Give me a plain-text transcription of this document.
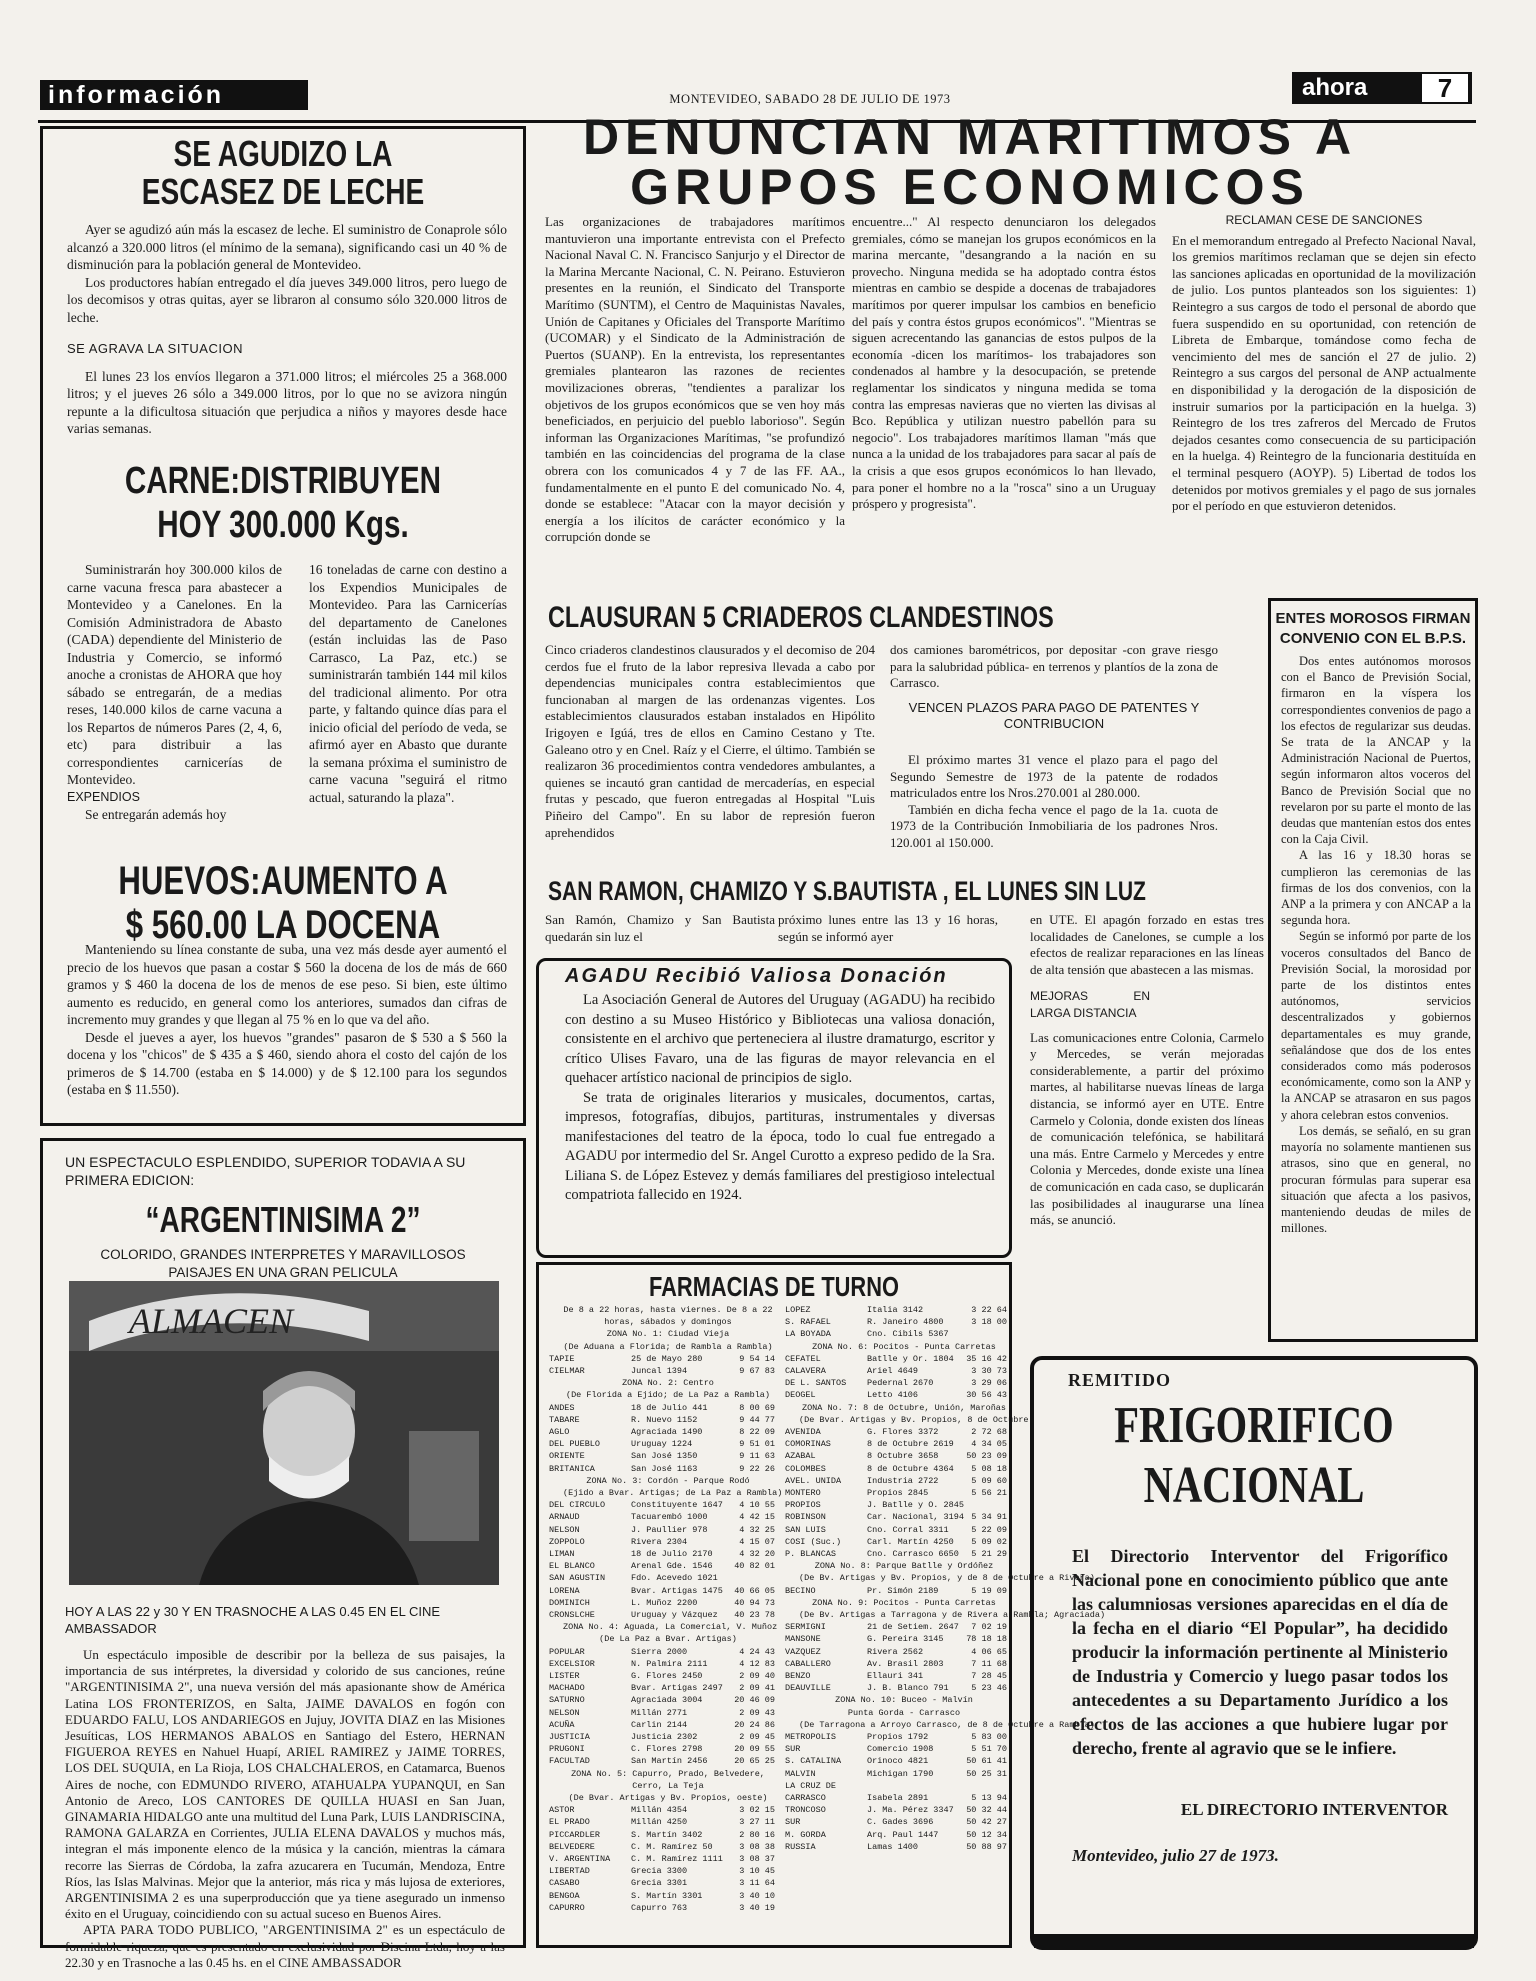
información	MONTEVIDEO, SABADO 28 DE JULIO DE 1973	ahora	7
DENUNCIAN MARITIMOS A
GRUPOS ECONOMICOS
Las organizaciones de trabajadores marítimos mantuvieron una importante entrevista con el Prefecto Nacional Naval C. N. Francisco Sanjurjo y el Director de la Marina Mercante Nacional, C. N. Peirano. Estuvieron presentes en la reunión, el Sindicato del Transporte Marítimo (SUNTM), el Centro de Maquinistas Navales, Unión de Capitanes y Oficiales del Transporte Marítimo (UCOMAR) y el Sindicato de la Administración de Puertos (SUANP). En la entrevista, los representantes gremiales plantearon las razones de recientes movilizaciones obreras, "tendientes a paralizar los objetivos de los grupos económicos que se ven hoy más beneficiados, en perjuicio del pueblo laborioso". Según informan las Organizaciones Marítimas, "se profundizó también en las coincidencias del programa de la clase obrera con los comunicados 4 y 7 de las FF. AA., fundamentalmente en el punto E del comunicado No. 4, donde se establece: "Atacar con la mayor decisión y energía a los ilícitos de carácter económico y la corrupción donde se
encuentre..." Al respecto denunciaron los delegados gremiales, cómo se manejan los grupos económicos en la marina mercante, "desangrando a la nación en su provecho. Ninguna medida se ha adoptado contra éstos mientras en cambio se despide a docenas de trabajadores marítimos por querer impulsar los cambios en beneficio del país y contra éstos grupos económicos". "Mientras se siguen acrecentando las ganancias de estos pulpos de la economía -dicen los marítimos- los trabajadores son condenados al hambre y la desocupación, se pretende reglamentar los sindicatos y ninguna medida se toma contra las empresas navieras que no vierten las divisas al Bco. República y utilizan nuestro pabellón para su negocio". Los trabajadores marítimos llaman "más que nunca a la unidad de los trabajadores para sacar al país de la crisis a que esos grupos económicos lo han llevado, para poner el hombre no a la "rosca" sino a un Uruguay próspero y progresista".
RECLAMAN CESE DE SANCIONES
En el memorandum entregado al Prefecto Nacional Naval, los gremios marítimos reclaman que se dejen sin efecto las sanciones aplicadas en oportunidad de la movilización de julio. Los puntos planteados son los siguientes: 1) Reintegro a sus cargos de todo el personal de abordo que fuera suspendido en su oportunidad, con retención de Libreta de Embarque, tomándose como fecha de vencimiento del mes de sanción el 27 de julio. 2) Reintegro a sus cargos del personal de ANP actualmente en disponibilidad y la derogación de la disposición de instruir sumarios por la participación en la huelga. 3) Reintegro de los tres zafreros del Mercado de Frutos dejados cesantes como consecuencia de su participación en la huelga. 4) Reintegro de la funcionaria destituída en el terminal pesquero (AOYP). 5) Libertad de todos los detenidos por motivos gremiales y el pago de sus jornales por el período en que estuvieron detenidos.
SE AGUDIZO LA
ESCASEZ DE LECHE

Ayer se agudizó aún más la escasez de leche. El suministro de Conaprole sólo alcanzó a 320.000 litros (el mínimo de la semana), significando casi un 40 % de disminución para la población general de Montevideo.

Los productores habían entregado el día jueves 349.000 litros, pero luego de los decomisos y otras quitas, ayer se libraron al consumo sólo 320.000 litros de leche.

SE AGRAVA LA SITUACION

El lunes 23 los envíos llegaron a 371.000 litros; el miércoles 25 a 368.000 litros; y el jueves 26 sólo a 349.000 litros, por lo que no se avizora ningún repunte a la dificultosa situación que perjudica a niños y mayores desde hace varias semanas.

CARNE:DISTRIBUYEN
HOY 300.000 Kgs.

Suministrarán hoy 300.000 kilos de carne vacuna fresca para abastecer a Montevideo y a Canelones. En la Comisión Administradora de Abasto (CADA) dependiente del Ministerio de Industria y Comercio, se informó anoche a cronistas de AHORA que hoy sábado se entregarán, de a medias reses, 140.000 kilos de carne vacuna a los Repartos de números Pares (2, 4, 6, etc) para distribuir a las correspondientes carnicerías de Montevideo.

EXPENDIOS

Se entregarán además hoy

16 toneladas de carne con destino a los Expendios Municipales de Montevideo. Para las Carnicerías del departamento de Canelones (están incluidas las de Paso Carrasco, La Paz, etc.) se suministrarán también 144 mil kilos del tradicional alimento. Por otra parte, y faltando quince días para el inicio oficial del período de veda, se afirmó ayer en Abasto que durante la semana próxima el suministro de carne vacuna "seguirá el ritmo actual, saturando la plaza".
HUEVOS:AUMENTO A
$ 560.00 LA DOCENA

Manteniendo su línea constante de suba, una vez más desde ayer aumentó el precio de los huevos que pasan a costar $ 560 la docena de los de más de 660 gramos y $ 460 la docena de los de menos de ese peso. Si bien, este último aumento es reducido, en general como los anteriores, sumados dan cifras de incremento muy grandes y que llegan al 75 % en lo que va del año.

Desde el jueves a ayer, los huevos "grandes" pasaron de $ 530 a $ 560 la docena y los "chicos" de $ 435 a $ 460, siendo ahora el costo del cajón de los primeros de $ 14.700 (estaba en $ 14.000) y de $ 12.100 para los segundos (estaba en $ 11.550).

UN ESPECTACULO ESPLENDIDO, SUPERIOR TODAVIA A SU PRIMERA EDICION:
“ARGENTINISIMA 2”
COLORIDO, GRANDES INTERPRETES Y MARAVILLOSOS PAISAJES EN UNA GRAN PELICULA
ALMACEN
HOY A LAS 22 y 30 Y EN TRASNOCHE A LAS 0.45 EN EL CINE AMBASSADOR

Un espectáculo imposible de describir por la belleza de sus paisajes, la importancia de sus intérpretes, la diversidad y colorido de sus canciones, reúne "ARGENTINISIMA 2", una nueva versión del más apasionante show de América Latina LOS FRONTERIZOS, en Salta, JAIME DAVALOS en fogón con EDUARDO FALU, LOS ANDARIEGOS en Jujuy, JOVITA DIAZ en las Misiones Jesuíticas, LOS HERMANOS ABALOS en Santiago del Estero, HERNAN FIGUEROA REYES en Nahuel Huapí, ARIEL RAMIREZ y JAIME TORRES, LOS DEL SUQUIA, en La Rioja, LOS CHALCHALEROS, en Catamarca, Buenos Aires de noche, con EDMUNDO RIVERO, ATAHUALPA YUPANQUI, en San Antonio de Areco, LOS CANTORES DE QUILLA HUASI en San Juan, GINAMARIA HIDALGO ante una multitud del Luna Park, LUIS LANDRISCINA, RAMONA GALARZA en Corrientes, JULIA ELENA DAVALOS y muchos más, integran el más imponente elenco de la música y la canción, mientras la cámara recorre las Sierras de Córdoba, la zafra azucarera en Tucumán, Mendoza, Entre Ríos, las Islas Malvinas. Mejor que la anterior, más rica y más lujosa de exteriores, ARGENTINISIMA 2 es una superproducción que ya tiene asegurado un inmenso éxito en el Uruguay, coincidiendo con su actual suceso en Buenos Aires.

APTA PARA TODO PUBLICO, "ARGENTINISIMA 2" es un espectáculo de formidable riqueza, que es presentado en exclusividad por Discina Ltda, hoy a las 22.30 y en Trasnoche a las 0.45 hs. en el CINE AMBASSADOR

CLAUSURAN 5 CRIADEROS CLANDESTINOS
Cinco criaderos clandestinos clausurados y el decomiso de 204 cerdos fue el fruto de la labor represiva llevada a cabo por dependencias municipales contra establecimientos que funcionaban al margen de las ordenanzas vigentes. Los establecimientos clausurados estaban instalados en Hipólito Irigoyen e Igúá, tres de ellos en Camino Cestano y Tte. Galeano otro y en Cnel. Raíz y el Cierre, el último. También se realizaron 36 procedimientos contra vendedores ambulantes, a quienes se incautó gran cantidad de mercaderías, en especial frutas y pescado, que fueron entregadas al Hospital "Luis Piñeiro del Campo". En su labor de represión fueron aprehendidos
dos camiones barométricos, por depositar -con grave riesgo para la salubridad pública- en terrenos y plantíos de la zona de Carrasco.
VENCEN PLAZOS PARA PAGO DE PATENTES Y CONTRIBUCION

El próximo martes 31 vence el plazo para el pago del Segundo Semestre de 1973 de la patente de rodados matriculados entre los Nros.270.001 al 280.000.

También en dicha fecha vence el pago de la 1a. cuota de 1973 de la Contribución Inmobiliaria de los padrones Nros. 120.001 al 150.000.

SAN RAMON, CHAMIZO Y S.BAUTISTA , EL LUNES SIN LUZ
San Ramón, Chamizo y San Bautista quedarán sin luz el
próximo lunes entre las 13 y 16 horas, según se informó ayer
en UTE. El apagón forzado en estas tres localidades de Canelones, se cumple a los efectos de realizar reparaciones en las líneas de alta tensión que abastecen a las mismas.
MEJORAS EN LARGA DISTANCIA
Las comunicaciones entre Colonia, Carmelo y Mercedes, se verán mejoradas considerablemente, a partir del próximo martes, al habilitarse nuevas líneas de larga distancia, se informó ayer en UTE. Entre Carmelo y Colonia, donde existen dos líneas de comunicación telefónica, se habilitará una más. Entre Carmelo y Mercedes y entre Colonia y Mercedes, donde existe una línea de comunicación en cada caso, se duplicarán las posibilidades al inaugurarse una línea más, se anunció.
AGADU Recibió Valiosa Donación

La Asociación General de Autores del Uruguay (AGADU) ha recibido con destino a su Museo Histórico y Bibliotecas una valiosa donación, consistente en el archivo que perteneciera al ilustre dramaturgo, escritor y crítico Ulises Favaro, una de las figuras de mayor relevancia en el quehacer artístico nacional de principios de siglo.

Se trata de originales literarios y musicales, documentos, cartas, impresos, fotografías, dibujos, partituras, instrumentales y diversas manifestaciones del teatro de la época, todo lo cual fue entregado a AGADU por intermedio del Sr. Angel Curotto a expreso pedido de la Sra. Liliana S. de López Estevez y demás familiares del prestigioso intelectual compatriota fallecido en 1924.

ENTES MOROSOS FIRMAN CONVENIO CON EL B.P.S.

Dos entes autónomos morosos con el Banco de Previsión Social, firmaron en la víspera los correspondientes convenios de pago a los efectos de regularizar sus deudas. Se trata de la ANCAP y la Administración Nacional de Puertos, según informaron altos voceros del Banco de Previsión Social que no revelaron por su parte el monto de las deudas que mantenían estos dos entes con la Caja Civil.

A las 16 y 18.30 horas se cumplieron las ceremonias de las firmas de los dos convenios, con la ANP a la primera y con ANCAP a la segunda hora.

Según se informó por parte de los voceros consultados del Banco de Previsión Social, la morosidad por parte de los distintos entes autónomos, servicios descentralizados y gobiernos departamentales es muy grande, señalándose que dos de los entes considerados como más poderosos económicamente, como son la ANP y la ANCAP se atrasaron en sus pagos y ahora celebran estos convenios.

Los demás, se señaló, en su gran mayoría no solamente mantienen sus atrasos, sino que en general, no procuran fórmulas para superar esa situación que afecta a los pasivos, manteniendo deudas de miles de millones.

FARMACIAS DE TURNO
De 8 a 22 horas, hasta viernes. De 8 a 22
horas, sábados y domingos
ZONA No. 1: Ciudad Vieja
(De Aduana a Florida; de Rambla a Rambla)
TAPIE	25 de Mayo 280	9 54 14
CIELMAR	Juncal 1394	9 67 83
ZONA No. 2: Centro
(De Florida a Ejido; de La Paz a Rambla)
ANDES	18 de Julio 441	8 00 69
TABARE	R. Nuevo 1152	9 44 77
AGLO	Agraciada 1490	8 22 09
DEL PUEBLO	Uruguay 1224	9 51 01
ORIENTE	San José 1350	9 11 63
BRITANICA	San José 1163	9 22 26
ZONA No. 3: Cordón - Parque Rodó
(Ejido a Bvar. Artigas; de La Paz a Rambla)
DEL CIRCULO	Constituyente 1647	4 10 55
ARNAUD	Tacuarembó 1000	4 42 15
NELSON	J. Paullier 978	4 32 25
ZOPPOLO	Rivera 2304	4 15 07
LIMAN	18 de Julio 2170	4 32 20
EL BLANCO	Arenal Gde. 1546	40 82 01
SAN AGUSTIN	Fdo. Acevedo 1021
LORENA	Bvar. Artigas 1475	40 66 05
DOMINICH	L. Muñoz 2200	40 94 73
CRONSLCHE	Uruguay y Vázquez	40 23 78
ZONA No. 4: Aguada, La Comercial, V. Muñoz
(De La Paz a Bvar. Artigas)
POPULAR	Sierra 2000	4 24 43
EXCELSIOR	N. Palmira 2111	4 12 83
LISTER	G. Flores 2450	2 09 40
MACHADO	Bvar. Artigas 2497	2 09 41
SATURNO	Agraciada 3004	20 46 09
NELSON	Millán 2771	2 09 43
ACUÑA	Carlin 2144	20 24 86
JUSTICIA	Justicia 2302	2 09 45
PRUGONI	C. Flores 2798	20 09 55
FACULTAD	San Martín 2456	20 65 25
ZONA No. 5: Capurro, Prado, Belvedere,
Cerro, La Teja
(De Bvar. Artigas y Bv. Propios, oeste)
ASTOR	Millán 4354	3 02 15
EL PRADO	Millán 4250	3 27 11
PICCARDLER	S. Martín 3402	2 80 16
BELVEDERE	C. M. Ramírez 50	3 08 38
V. ARGENTINA	C. M. Ramírez 1111	3 08 37
LIBERTAD	Grecia 3300	3 10 45
CASABO	Grecia 3301	3 11 64
BENGOA	S. Martín 3301	3 40 10
CAPURRO	Capurro 763	3 40 19
LOPEZ	Italia 3142	3 22 64
S. RAFAEL	R. Janeiro 4800	3 18 00
LA BOYADA	Cno. Cibils 5367
ZONA No. 6: Pocitos - Punta Carretas
CEFATEL	Batlle y Or. 1804	35 16 42
CALAVERA	Ariel 4649	3 30 73
DE L. SANTOS	Pedernal 2670	3 29 06
DEOGEL	Letto 4106	30 56 43
ZONA No. 7: 8 de Octubre, Unión, Maroñas
(De Bvar. Artigas y Bv. Propios, 8 de Octubre)
AVENIDA	G. Flores 3372	2 72 68
COMORINAS	8 de Octubre 2619	4 34 05
AZABAL	8 Octubre 3658	50 23 09
COLOMBES	8 de Octubre 4364	5 08 18
AVEL. UNIDA	Industria 2722	5 09 60
MONTERO	Propios 2845	5 56 21
PROPIOS	J. Batlle y O. 2845
ROBINSON	Car. Nacional, 3194 5 34 91
SAN LUIS	Cno. Corral 3311	5 22 09
COSI (Suc.)	Carl. Martín 4250	5 09 02
P. BLANCAS	Cno. Carrasco 6650	5 21 29
ZONA No. 8: Parque Batlle y Ordóñez
(De Bv. Artigas y Bv. Propios, y de 8 de Octubre a Rivera)
BECINO	Pr. Simón 2189	5 19 09
ZONA No. 9: Pocitos - Punta Carretas
(De Bv. Artigas a Tarragona y de Rivera a Rambla; Agraciada)
SERMIGNI	21 de Setiem. 2647	7 02 19
MANSONE	G. Pereira 3145	78 18 18
VAZQUEZ	Rivera 2562	4 06 65
CABALLERO	Av. Brasil 2803	7 11 68
BENZO	Ellauri 341	7 28 45
DEAUVILLE	J. B. Blanco 791	5 23 46
ZONA No. 10: Buceo - Malvín
Punta Gorda - Carrasco
(De Tarragona a Arroyo Carrasco, de 8 de Octubre a Rambla)
METROPOLIS	Propios 1792	5 83 00
SUR	Comercio 1908	5 51 70
S. CATALINA	Orinoco 4821	50 61 41
MALVIN	Michigan 1790	50 25 31
LA CRUZ DE
CARRASCO	Isabela 2891	5 13 94
TRONCOSO	J. Ma. Pérez 3347	50 32 44
SUR	C. Gades 3696	50 42 27
M. GORDA	Arq. Paul 1447	50 12 34
RUSSIA	Lamas 1400	50 88 97
REMITIDO
FRIGORIFICO
NACIONAL
El Directorio Interventor del Frigorífico Nacional pone en conocimiento público que ante las calumniosas versiones aparecidas en el día de la fecha en el diario “El Popular”, ha decidido producir la información pertinente al Ministerio de Industria y Comercio y luego pasar todos los antecedentes a su Departamento Jurídico a los efectos de las acciones a que hubiere lugar por derecho, frente al agravio que se le infiere.
EL DIRECTORIO INTERVENTOR
Montevideo, julio 27 de 1973.
